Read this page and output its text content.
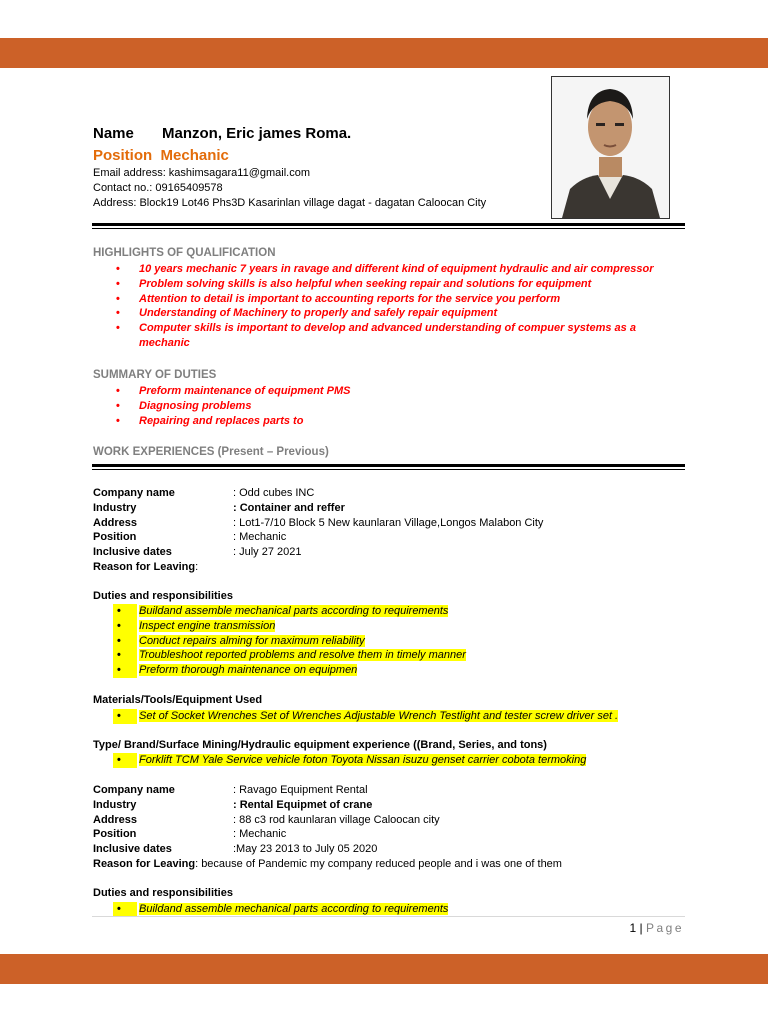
Name Manzon, Eric james Roma.
Position Mechanic
Email address: kashimsagara11@gmail.com
Contact no.: 09165409578
Address: Block19 Lot46 Phs3D Kasarinlan village dagat - dagatan Caloocan City
HIGHLIGHTS OF QUALIFICATION
• 10 years mechanic 7 years in ravage and different kind of equipment hydraulic and air compressor
• Problem solving skills is also helpful when seeking repair and solutions for equipment
• Attention to detail is important to accounting reports for the service you perform
• Understanding of Machinery to properly and safely repair equipment
• Computer skills is important to develop and advanced understanding of compuer systems as a mechanic
SUMMARY OF DUTIES
• Preform maintenance of equipment PMS
• Diagnosing problems
• Repairing and replaces parts to
WORK EXPERIENCES (Present – Previous)
Company name	: Odd cubes INC
Industry	: Container and reffer
Address	: Lot1-7/10 Block 5 New kaunlaran Village,Longos Malabon City
Position	: Mechanic
Inclusive dates	: July 27 2021
Reason for Leaving:
Duties and responsibilities
• Buildand assemble mechanical parts according to requirements
• Inspect engine transmission
• Conduct repairs alming for maximum reliability
• Troubleshoot reported problems and resolve them in timely manner
• Preform thorough maintenance on equipmen
Materials/Tools/Equipment Used
• Set of Socket Wrenches Set of Wrenches Adjustable Wrench Testlight and tester screw driver set .
Type/ Brand/Surface Mining/Hydraulic equipment experience ((Brand, Series, and tons)
• Forklift TCM Yale Service vehicle foton Toyota Nissan isuzu genset carrier cobota termoking
Company name	: Ravago Equipment Rental
Industry	: Rental Equipmet of crane
Address	: 88 c3 rod kaunlaran village Caloocan city
Position	: Mechanic
Inclusive dates	:May 23 2013 to July 05 2020
Reason for Leaving: because of Pandemic my company reduced people and i was one of them
Duties and responsibilities
• Buildand assemble mechanical parts according to requirements
1 | Page
